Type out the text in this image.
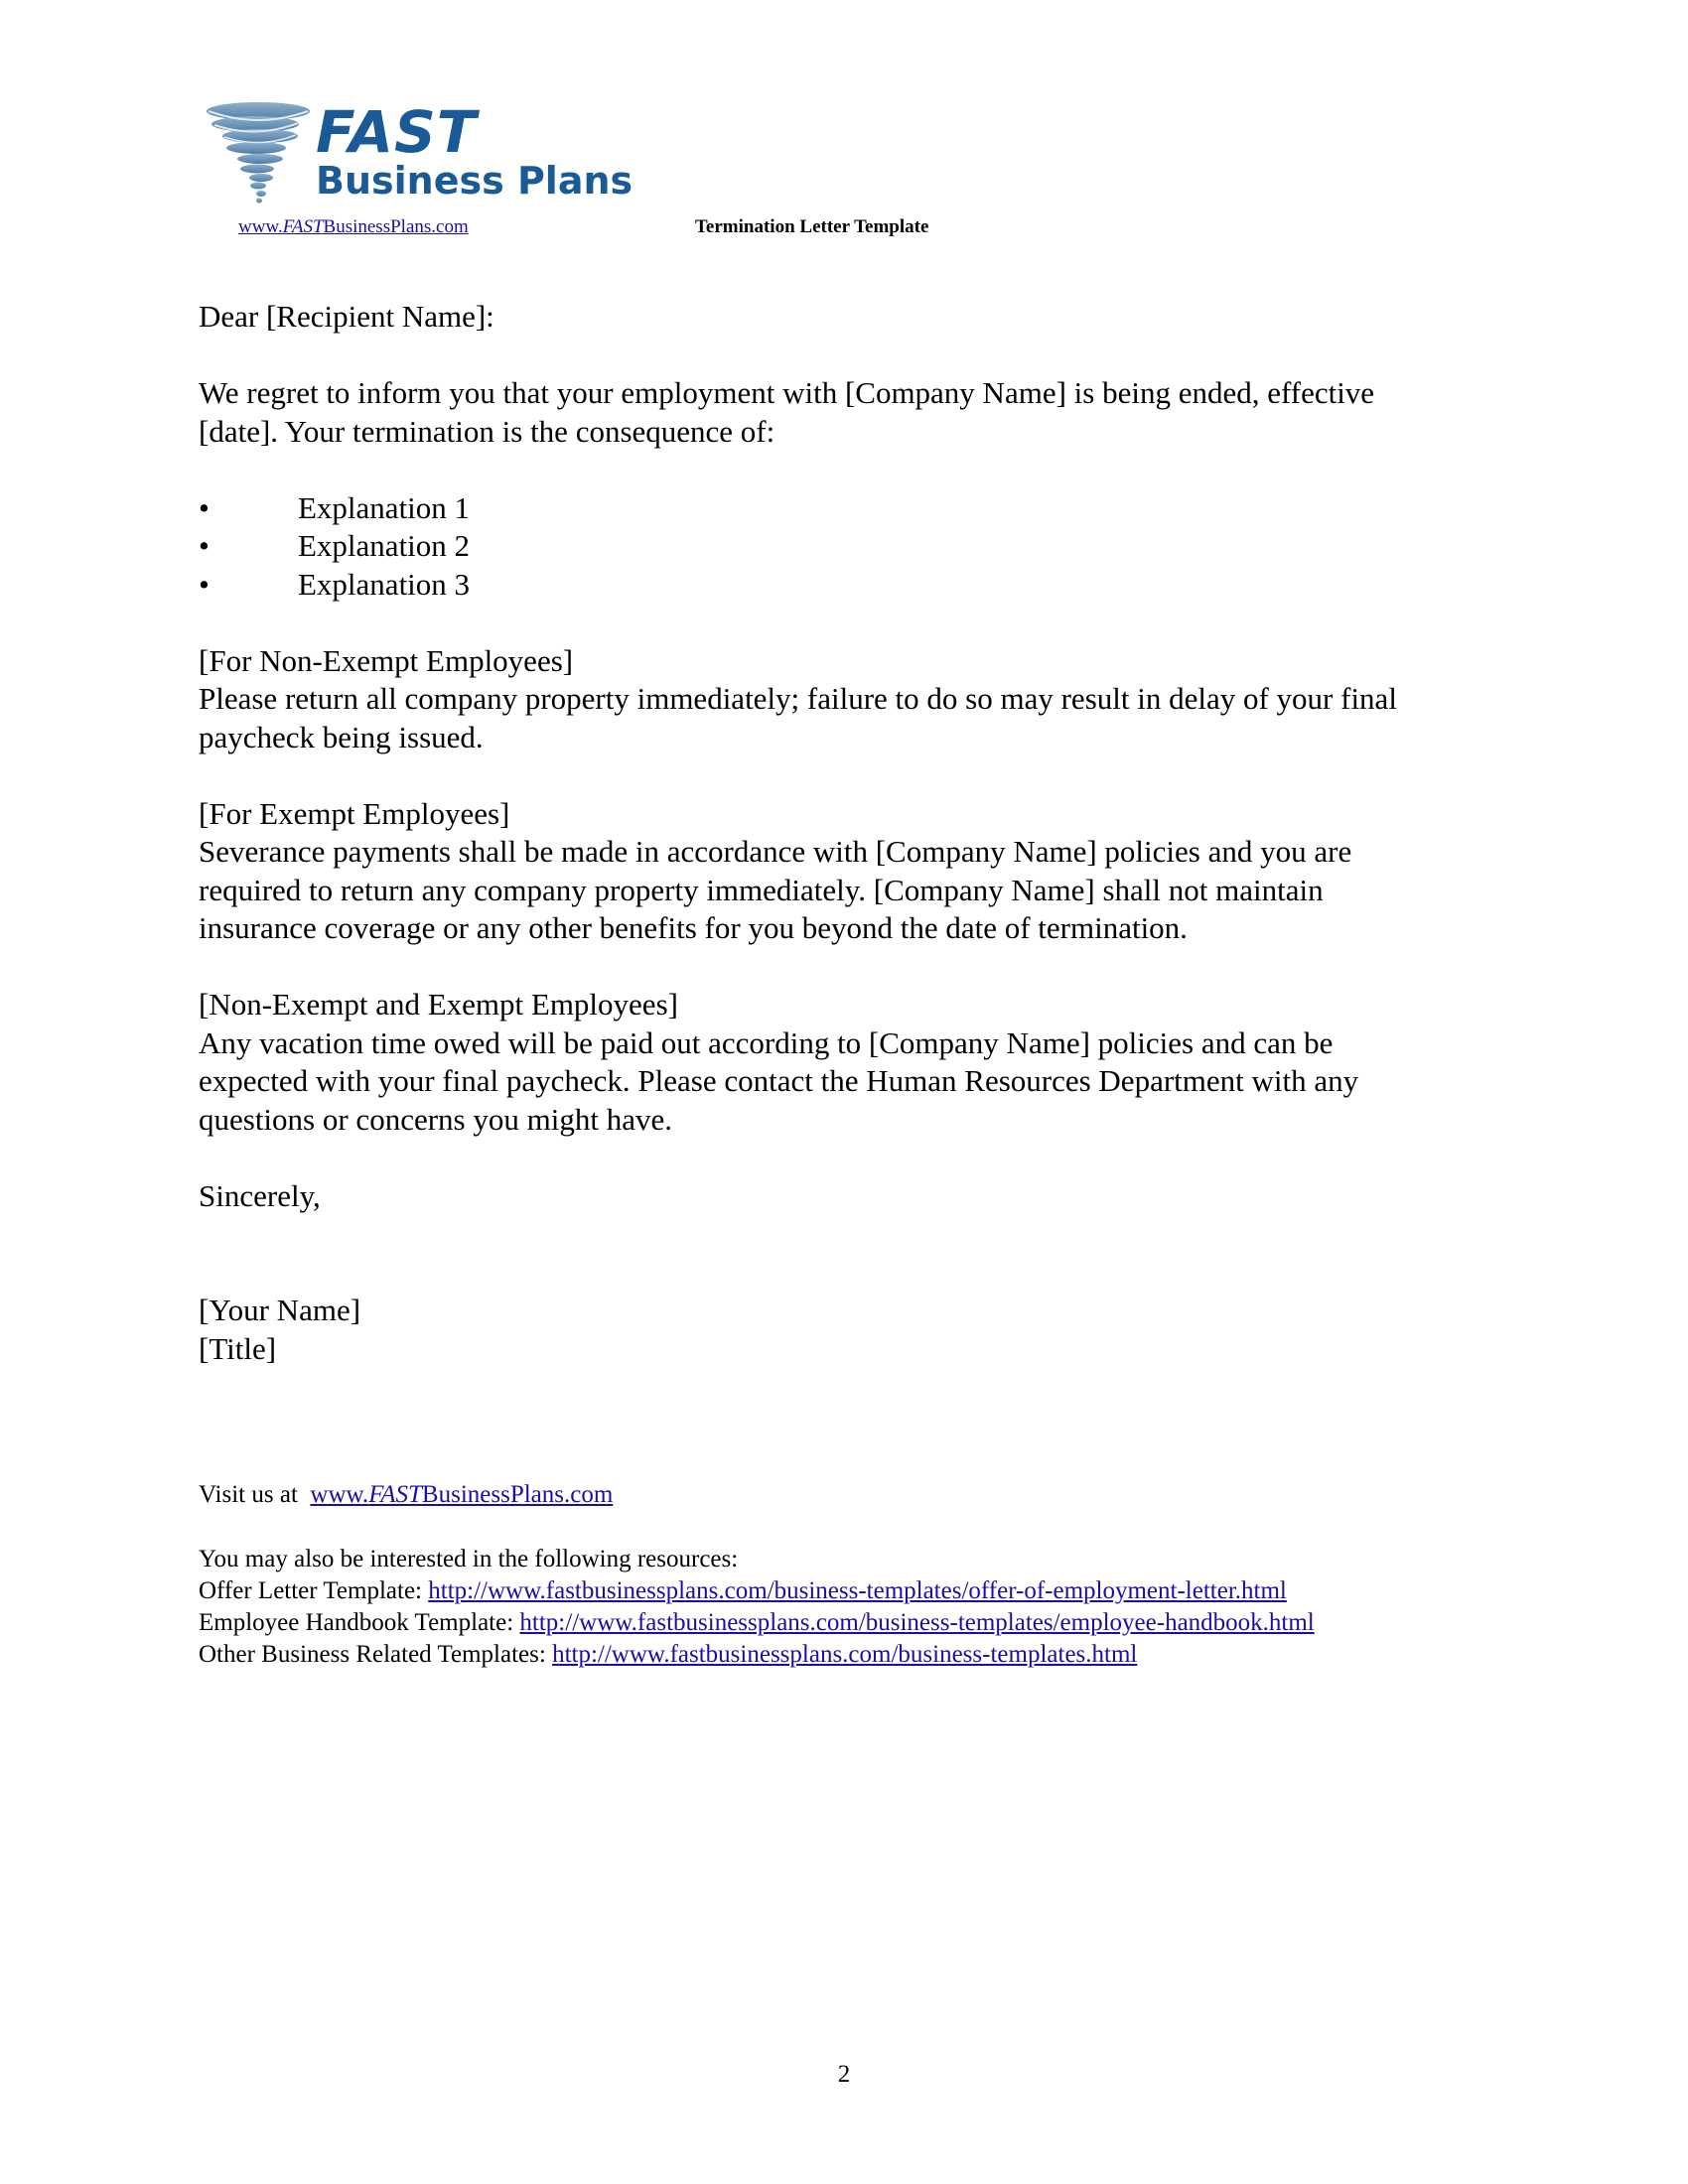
FAST
Business Plans
www.FASTBusinessPlans.com	Termination Letter Template

Dear [Recipient Name]:

We regret to inform you that your employment with [Company Name] is being ended, effective

[date]. Your termination is the consequence of:

•	Explanation 1
•	Explanation 2
•	Explanation 3

[For Non-Exempt Employees]

Please return all company property immediately; failure to do so may result in delay of your final

paycheck being issued.

[For Exempt Employees]

Severance payments shall be made in accordance with [Company Name] policies and you are

required to return any company property immediately. [Company Name] shall not maintain

insurance coverage or any other benefits for you beyond the date of termination.

[Non-Exempt and Exempt Employees]

Any vacation time owed will be paid out according to [Company Name] policies and can be

expected with your final paycheck. Please contact the Human Resources Department with any

questions or concerns you might have.

Sincerely,

[Your Name]

[Title]

Visit us at www.FASTBusinessPlans.com

You may also be interested in the following resources:

Offer Letter Template: http://www.fastbusinessplans.com/business-templates/offer-of-employment-letter.html

Employee Handbook Template: http://www.fastbusinessplans.com/business-templates/employee-handbook.html

Other Business Related Templates: http://www.fastbusinessplans.com/business-templates.html

2
